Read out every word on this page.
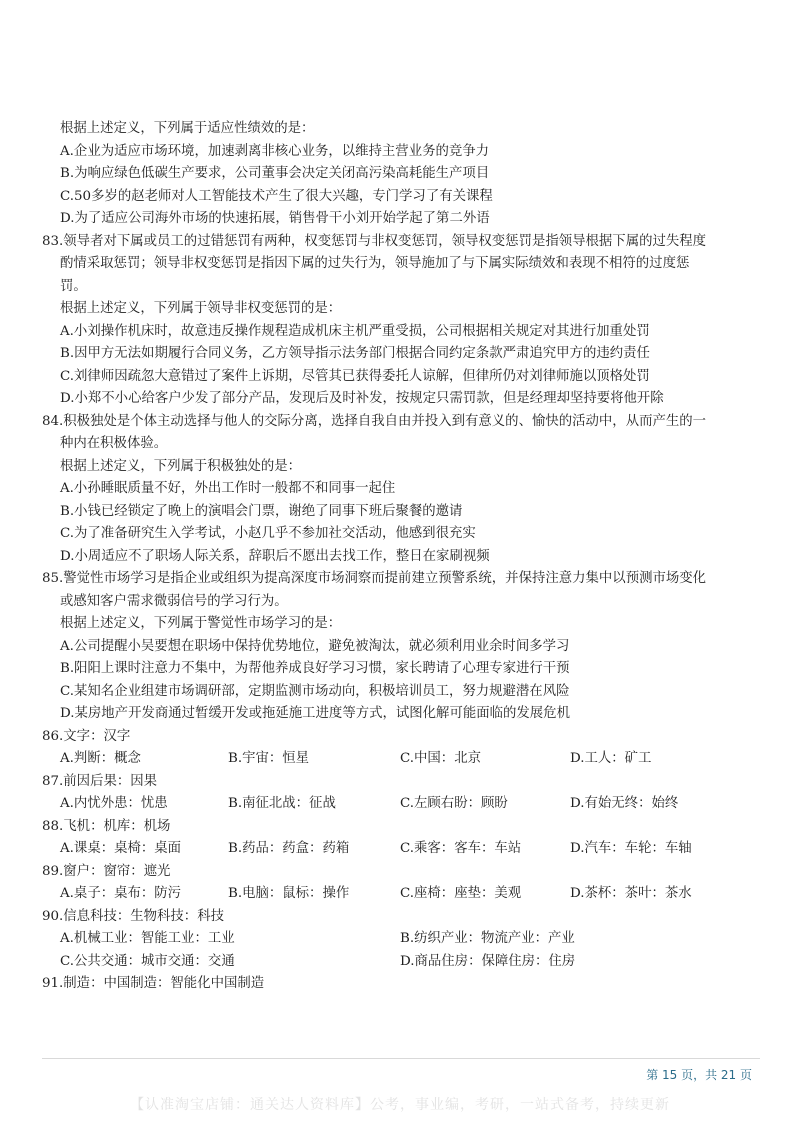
根据上述定义，下列属于适应性绩效的是：
A.企业为适应市场环境，加速剥离非核心业务，以维持主营业务的竞争力
B.为响应绿色低碳生产要求，公司董事会决定关闭高污染高耗能生产项目
C.50多岁的赵老师对人工智能技术产生了很大兴趣，专门学习了有关课程
D.为了适应公司海外市场的快速拓展，销售骨干小刘开始学起了第二外语
83.领导者对下属或员工的过错惩罚有两种，权变惩罚与非权变惩罚，领导权变惩罚是指领导根据下属的过失程度
酌情采取惩罚；领导非权变惩罚是指因下属的过失行为，领导施加了与下属实际绩效和表现不相符的过度惩
罚。
根据上述定义，下列属于领导非权变惩罚的是：
A.小刘操作机床时，故意违反操作规程造成机床主机严重受损，公司根据相关规定对其进行加重处罚
B.因甲方无法如期履行合同义务，乙方领导指示法务部门根据合同约定条款严肃追究甲方的违约责任
C.刘律师因疏忽大意错过了案件上诉期，尽管其已获得委托人谅解，但律所仍对刘律师施以顶格处罚
D.小郑不小心给客户少发了部分产品，发现后及时补发，按规定只需罚款，但是经理却坚持要将他开除
84.积极独处是个体主动选择与他人的交际分离，选择自我自由并投入到有意义的、愉快的活动中，从而产生的一
种内在积极体验。
根据上述定义，下列属于积极独处的是：
A.小孙睡眠质量不好，外出工作时一般都不和同事一起住
B.小钱已经锁定了晚上的演唱会门票，谢绝了同事下班后聚餐的邀请
C.为了准备研究生入学考试，小赵几乎不参加社交活动，他感到很充实
D.小周适应不了职场人际关系，辞职后不愿出去找工作，整日在家刷视频
85.警觉性市场学习是指企业或组织为提高深度市场洞察而提前建立预警系统，并保持注意力集中以预测市场变化
或感知客户需求微弱信号的学习行为。
根据上述定义，下列属于警觉性市场学习的是：
A.公司提醒小吴要想在职场中保持优势地位，避免被淘汰，就必须利用业余时间多学习
B.阳阳上课时注意力不集中，为帮他养成良好学习习惯，家长聘请了心理专家进行干预
C.某知名企业组建市场调研部，定期监测市场动向，积极培训员工，努力规避潜在风险
D.某房地产开发商通过暂缓开发或拖延施工进度等方式，试图化解可能面临的发展危机
86.文字：汉字
A.判断：概念	B.宇宙：恒星	C.中国：北京	D.工人：矿工
87.前因后果：因果
A.内忧外患：忧患	B.南征北战：征战	C.左顾右盼：顾盼	D.有始无终：始终
88.飞机：机库：机场
A.课桌：桌椅：桌面	B.药品：药盒：药箱	C.乘客：客车：车站	D.汽车：车轮：车轴
89.窗户：窗帘：遮光
A.桌子：桌布：防污	B.电脑：鼠标：操作	C.座椅：座垫：美观	D.茶杯：茶叶：茶水
90.信息科技：生物科技：科技
A.机械工业：智能工业：工业	B.纺织产业：物流产业：产业
C.公共交通：城市交通：交通	D.商品住房：保障住房：住房
91.制造：中国制造：智能化中国制造
第 15 页，共 21 页
【认准淘宝店铺：通关达人资料库】公考，事业编，考研，一站式备考，持续更新
